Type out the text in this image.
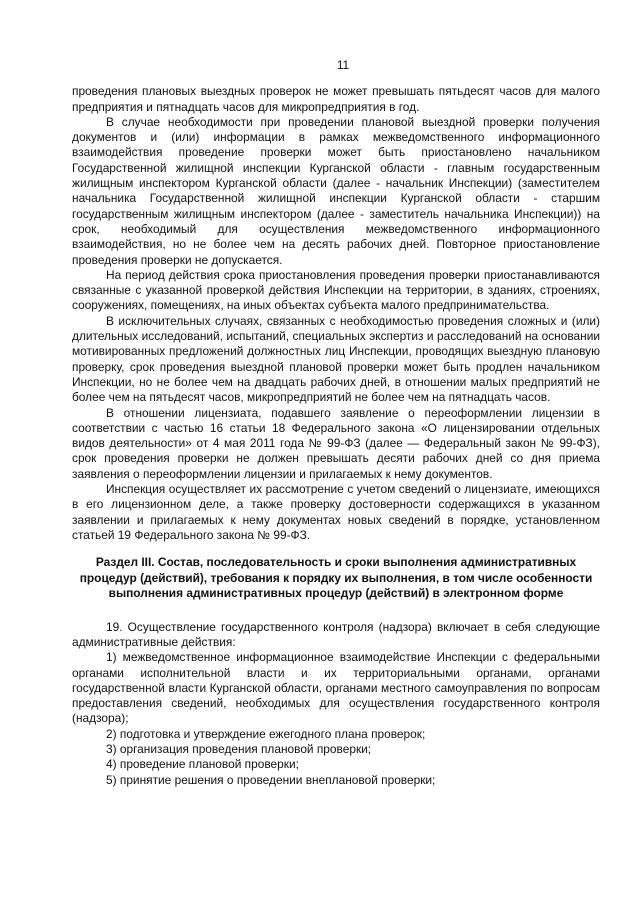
11

проведения плановых выездных проверок не может превышать пятьдесят часов для малого предприятия и пятнадцать часов для микропредприятия в год.

В случае необходимости при проведении плановой выездной проверки получения документов и (или) информации в рамках межведомственного информационного взаимодействия проведение проверки может быть приостановлено начальником Государственной жилищной инспекции Курганской области - главным государственным жилищным инспектором Курганской области (далее - начальник Инспекции) (заместителем начальника Государственной жилищной инспекции Курганской области - старшим государственным жилищным инспектором (далее - заместитель начальника Инспекции)) на срок, необходимый для осуществления межведомственного информационного взаимодействия, но не более чем на десять рабочих дней. Повторное приостановление проведения проверки не допускается.

На период действия срока приостановления проведения проверки приостанавливаются связанные с указанной проверкой действия Инспекции на территории, в зданиях, строениях, сооружениях, помещениях, на иных объектах субъекта малого предпринимательства.

В исключительных случаях, связанных с необходимостью проведения сложных и (или) длительных исследований, испытаний, специальных экспертиз и расследований на основании мотивированных предложений должностных лиц Инспекции, проводящих выездную плановую проверку, срок проведения выездной плановой проверки может быть продлен начальником Инспекции, но не более чем на двадцать рабочих дней, в отношении малых предприятий не более чем на пятьдесят часов, микропредприятий не более чем на пятнадцать часов.

В отношении лицензиата, подавшего заявление о переоформлении лицензии в соответствии с частью 16 статьи 18 Федерального закона «О лицензировании отдельных видов деятельности» от 4 мая 2011 года № 99-ФЗ (далее — Федеральный закон № 99-ФЗ), срок проведения проверки не должен превышать десяти рабочих дней со дня приема заявления о переоформлении лицензии и прилагаемых к нему документов.

Инспекция осуществляет их рассмотрение с учетом сведений о лицензиате, имеющихся в его лицензионном деле, а также проверку достоверности содержащихся в указанном заявлении и прилагаемых к нему документах новых сведений в порядке, установленном статьей 19 Федерального закона № 99-ФЗ.

Раздел III. Состав, последовательность и сроки выполнения административных процедур (действий), требования к порядку их выполнения, в том числе особенности выполнения административных процедур (действий) в электронном форме

19. Осуществление государственного контроля (надзора) включает в себя следующие административные действия:

1) межведомственное информационное взаимодействие Инспекции с федеральными органами исполнительной власти и их территориальными органами, органами государственной власти Курганской области, органами местного самоуправления по вопросам предоставления сведений, необходимых для осуществления государственного контроля (надзора);

2) подготовка и утверждение ежегодного плана проверок;

3) организация проведения плановой проверки;

4) проведение плановой проверки;

5) принятие решения о проведении внеплановой проверки;
